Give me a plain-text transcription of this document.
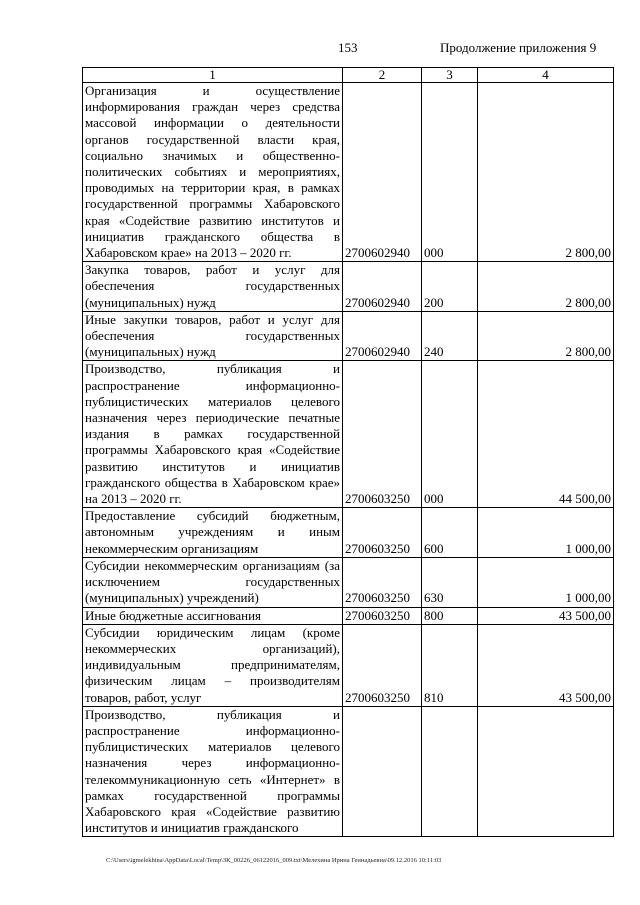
153	Продолжение приложения 9
1	2	3	4
Организация и осуществление информирования граждан через средства массовой информации о деятельности органов государственной власти края, социально значимых и общественно-политических событиях и мероприятиях, проводимых на территории края, в рамках государственной программы Хабаровского края «Содействие развитию институтов и инициатив гражданского общества в Хабаровском крае» на 2013 – 2020 гг.	2700602940	000	2 800,00
Закупка товаров, работ и услуг для обеспечения государственных (муниципальных) нужд	2700602940	200	2 800,00
Иные закупки товаров, работ и услуг для обеспечения государственных (муниципальных) нужд	2700602940	240	2 800,00
Производство, публикация и распространение информационно-публицистических материалов целевого назначения через периодические печатные издания в рамках государственной программы Хабаровского края «Содействие развитию институтов и инициатив гражданского общества в Хабаровском крае» на 2013 – 2020 гг.	2700603250	000	44 500,00
Предоставление субсидий бюджетным, автономным учреждениям и иным некоммерческим организациям	2700603250	600	1 000,00
Субсидии некоммерческим организациям (за исключением государственных (муниципальных) учреждений)	2700603250	630	1 000,00
Иные бюджетные ассигнования	2700603250	800	43 500,00
Субсидии юридическим лицам (кроме некоммерческих организаций), индивидуальным предпринимателям, физическим лицам – производителям товаров, работ, услуг	2700603250	810	43 500,00
Производство, публикация и распространение информационно-публицистических материалов целевого назначения через информационно-телекоммуникационную сеть «Интернет» в рамках государственной программы Хабаровского края «Содействие развитию институтов и инициатив гражданского			
C:\Users\igmelekhina\AppData\Local\Temp\ЗК_00226_06122016_009.txt\Мелехина Ирина Геннадьевна\09.12.2016 10:11:03
